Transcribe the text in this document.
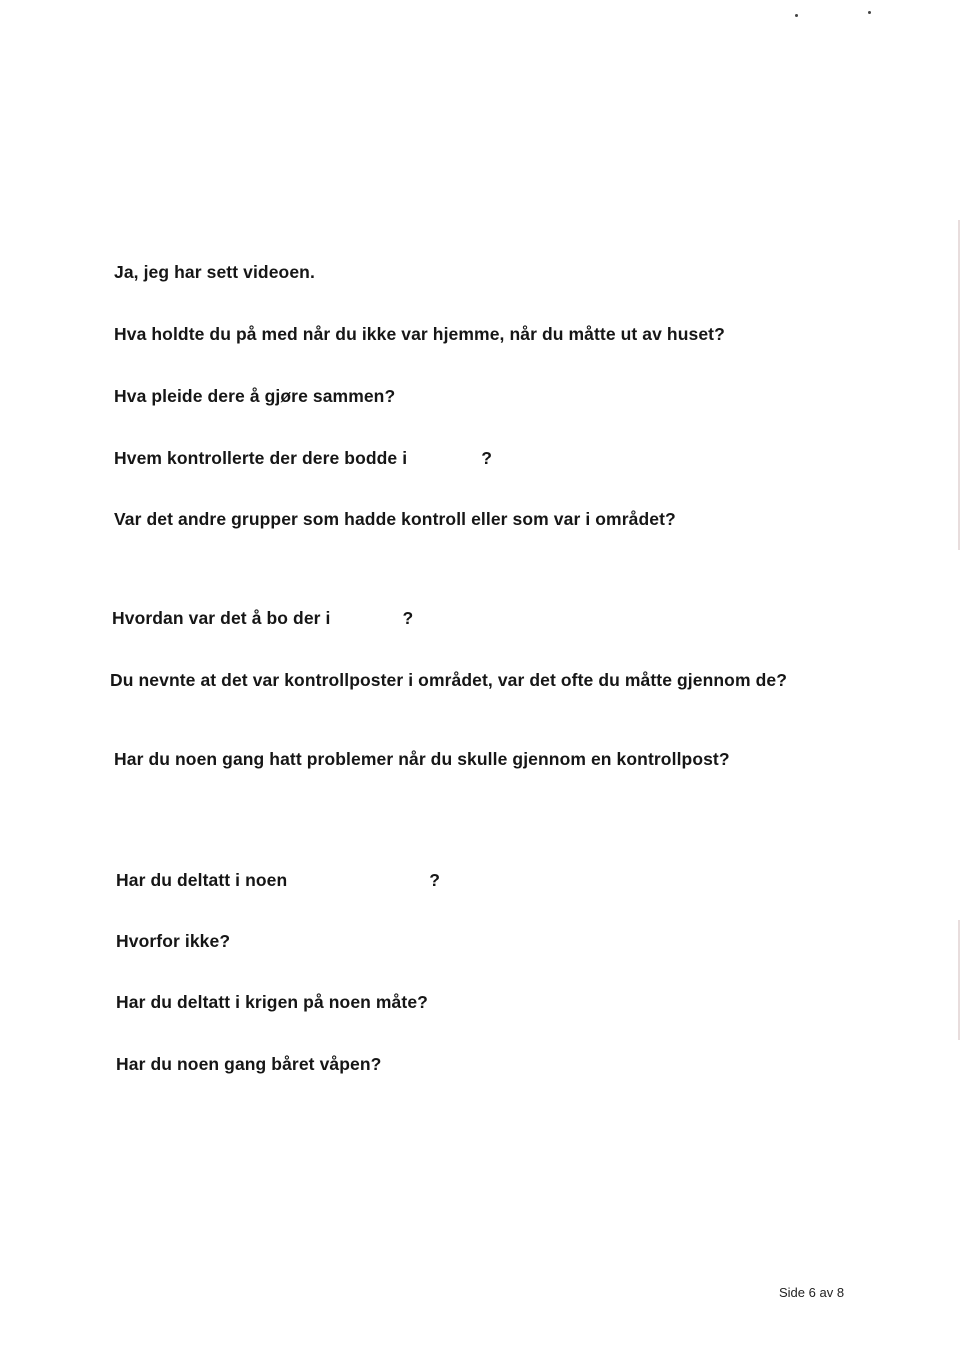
Ja, jeg har sett videoen.

Hva holdte du på med når du ikke var hjemme, når du måtte ut av huset?

Hva pleide dere å gjøre sammen?

Hvem kontrollerte der dere bodde i	?

Var det andre grupper som hadde kontroll eller som var i området?

Hvordan var det å bo der i	?

Du nevnte at det var kontrollposter i området, var det ofte du måtte gjennom de?

Har du noen gang hatt problemer når du skulle gjennom en kontrollpost?

Har du deltatt i noen	?

Hvorfor ikke?

Har du deltatt i krigen på noen måte?

Har du noen gang båret våpen?

Side 6 av 8
